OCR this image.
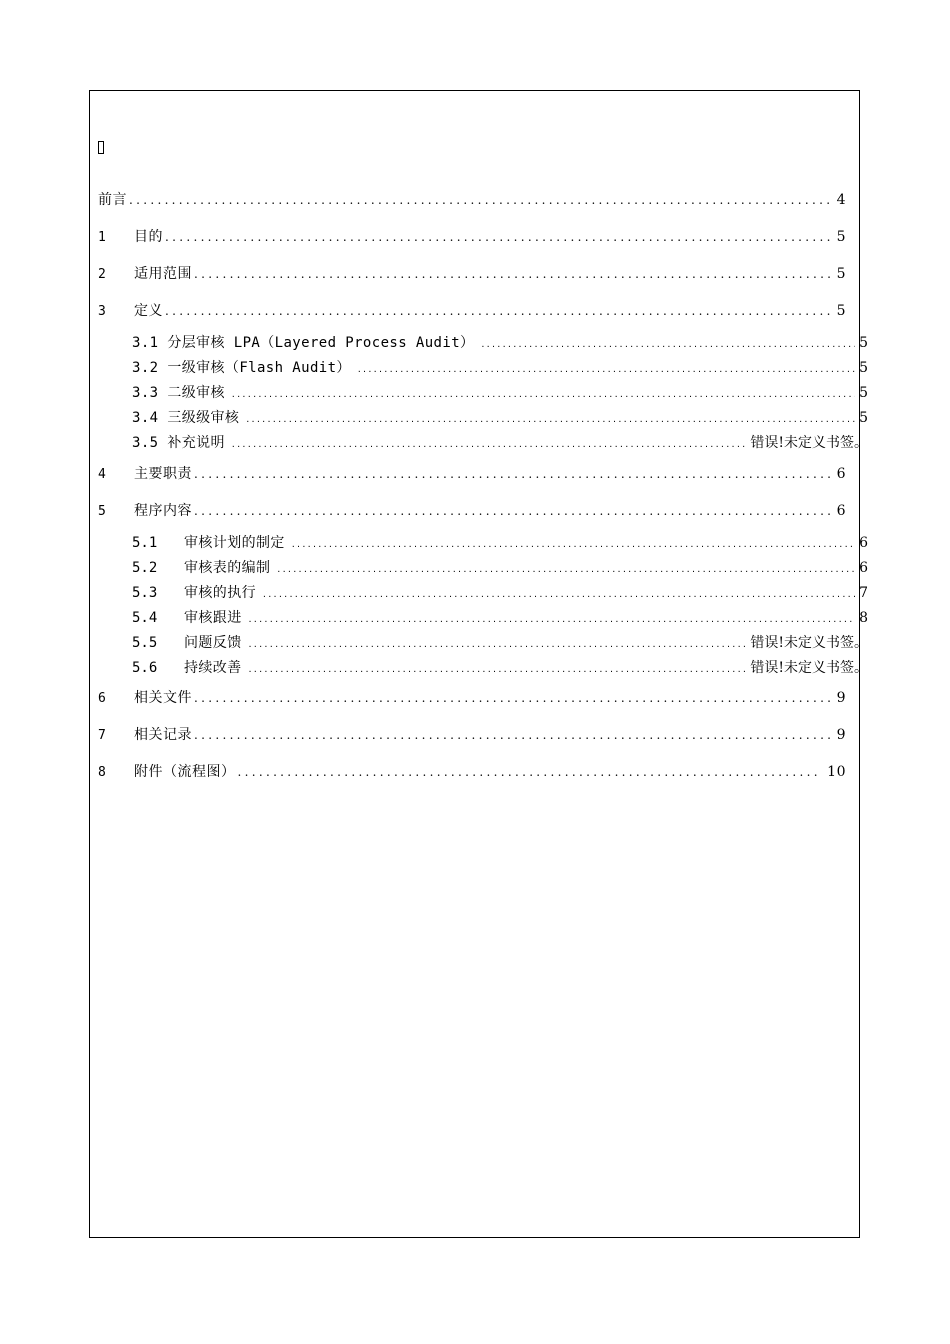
前言 .....	4
1	目的 .....	5
2	适用范围 .....	5
3	定义 .....	5
3.1 分层审核 LPA（Layered Process Audit） .....	5
3.2 一级审核（Flash Audit） .....	5
3.3 二级审核 .....	5
3.4 三级级审核 .....	5
3.5 补充说明 .....	错误!未定义书签。
4	主要职责 .....	6
5	程序内容 .....	6
5.1	审核计划的制定 .....	6
5.2	审核表的编制 .....	6
5.3	审核的执行 .....	7
5.4	审核跟进 .....	8
5.5	问题反馈 .....	错误!未定义书签。
5.6	持续改善 .....	错误!未定义书签。
6	相关文件 .....	9
7	相关记录 .....	9
8	附件（流程图） .....	10
